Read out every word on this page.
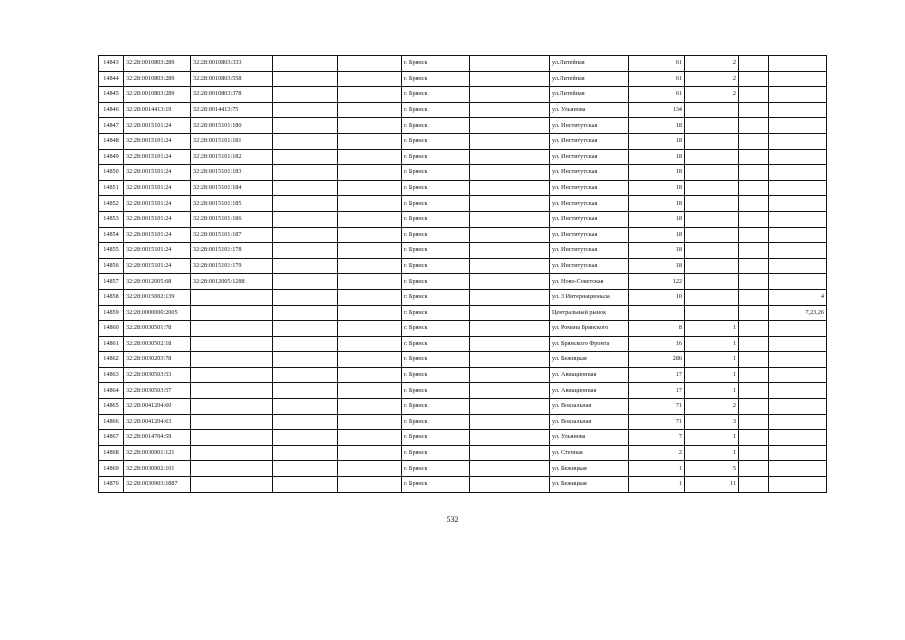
14843	32:28:0010803:289	32:28:0010803:333			г. Брянск		ул.Литейная	61	2		
14844	32:28:0010803:289	32:28:0010803:558			г. Брянск		ул.Литейная	61	2		
14845	32:28:0010803:289	32:28:0010803:378			г. Брянск		ул.Литейная	61	2		
14846	32:28:0014413:19	32:28:0014413:75			г. Брянск		ул. Ульянова	134			
14847	32:28:0015101:24	32:28:0015101:180			г. Брянск		ул. Институтская	18			
14848	32:28:0015101:24	32:28:0015101:181			г. Брянск		ул. Институтская	18			
14849	32:28:0015101:24	32:28:0015101:182			г. Брянск		ул. Институтская	18			
14850	32:28:0015101:24	32:28:0015101:183			г. Брянск		ул. Институтская	18			
14851	32:28:0015101:24	32:28:0015101:184			г. Брянск		ул. Институтская	18			
14852	32:28:0015101:24	32:28:0015101:185			г. Брянск		ул. Институтская	18			
14853	32:28:0015101:24	32:28:0015101:186			г. Брянск		ул. Институтская	18			
14854	32:28:0015101:24	32:28:0015101:187			г. Брянск		ул. Институтская	18			
14855	32:28:0015101:24	32:28:0015101:178			г. Брянск		ул. Институтская	18			
14856	32:28:0015101:24	32:28:0015101:179			г. Брянск		ул. Институтская	18			
14857	32:28:0012005:68	32:28:0012005:1288			г. Брянск		ул. Ново-Советская	122			
14858	32:28:0015002:139				г. Брянск		ул. 3 Интернационала	10			4
14859	32:28:0000000:2005				г. Брянск		Центральный рынок				7,23,26
14860	32:28:0030501:78				г. Брянск		ул. Романа Брянского	8	1		
14861	32:28:0030502:18				г. Брянск		ул. Брянского Фронта	16	1		
14862	32:28:0030203:78				г. Брянск		ул. Бежицкая	286	1		
14863	32:28:0030503:53				г. Брянск		ул. Авиационная	17	1		
14864	32:28:0030503:57				г. Брянск		ул. Авиационная	17	1		
14865	32:28:0041204:60				г. Брянск		ул. Вокзальная	71	2		
14866	32:28:0041204:63				г. Брянск		ул. Вокзальная	71	3		
14867	32:28:0014704:59				г. Брянск		ул. Ульянова	7	1		
14868	32:28:0030901:121				г. Брянск		ул. Степная	2	1		
14869	32:28:0030902:101				г. Брянск		ул. Бежицкая	1	5		
14870	32:28:0030903:1887				г. Брянск		ул. Бежицкая	1	11		
532
